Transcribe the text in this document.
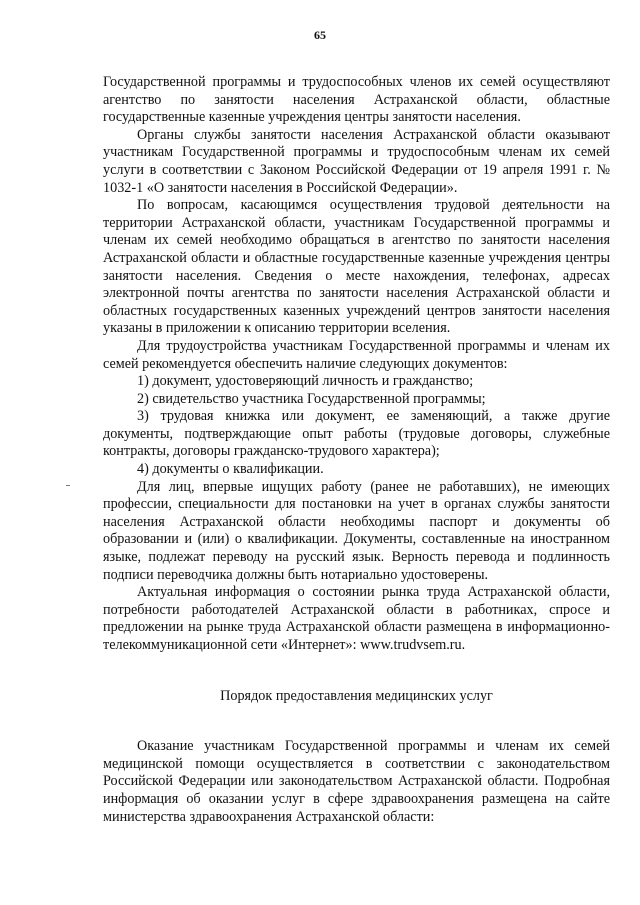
65

Государственной программы и трудоспособных членов их семей осуществляют агентство по занятости населения Астраханской области, областные государственные казенные учреждения центры занятости населения.

Органы службы занятости населения Астраханской области оказывают участникам Государственной программы и трудоспособным членам их семей услуги в соответствии с Законом Российской Федерации от 19 апреля 1991 г. № 1032-1 «О занятости населения в Российской Федерации».

По вопросам, касающимся осуществления трудовой деятельности на территории Астраханской области, участникам Государственной программы и членам их семей необходимо обращаться в агентство по занятости населения Астраханской области и областные государственные казенные учреждения центры занятости населения. Сведения о месте нахождения, телефонах, адресах электронной почты агентства по занятости населения Астраханской области и областных государственных казенных учреждений центров занятости населения указаны в приложении к описанию территории вселения.

Для трудоустройства участникам Государственной программы и членам их семей рекомендуется обеспечить наличие следующих документов:

1) документ, удостоверяющий личность и гражданство;

2) свидетельство участника Государственной программы;

3) трудовая книжка или документ, ее заменяющий, а также другие документы, подтверждающие опыт работы (трудовые договоры, служебные контракты, договоры гражданско-трудового характера);

4) документы о квалификации.

Для лиц, впервые ищущих работу (ранее не работавших), не имеющих профессии, специальности для постановки на учет в органах службы занятости населения Астраханской области необходимы паспорт и документы об образовании и (или) о квалификации. Документы, составленные на иностранном языке, подлежат переводу на русский язык. Верность перевода и подлинность подписи переводчика должны быть нотариально удостоверены.

Актуальная информация о состоянии рынка труда Астраханской области, потребности работодателей Астраханской области в работниках, спросе и предложении на рынке труда Астраханской области размещена в информационно-телекоммуникационной сети «Интернет»: www.trudvsem.ru.

Порядок предоставления медицинских услуг

Оказание участникам Государственной программы и членам их семей медицинской помощи осуществляется в соответствии с законодательством Российской Федерации или законодательством Астраханской области. Подробная информация об оказании услуг в сфере здравоохранения размещена на сайте министерства здравоохранения Астраханской области:
